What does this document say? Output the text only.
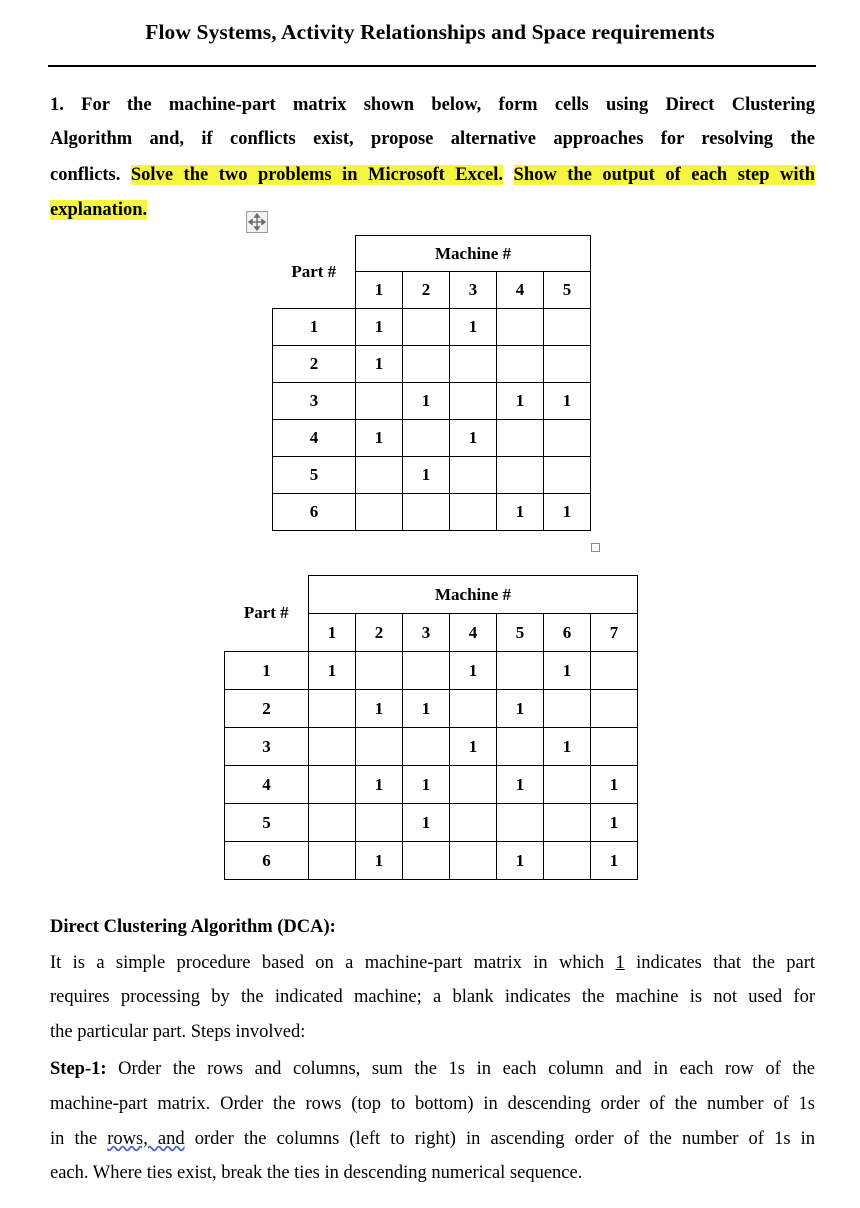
Flow Systems, Activity Relationships and Space requirements
1. For the machine-part matrix shown below, form cells using Direct Clustering
Algorithm and, if conflicts exist, propose alternative approaches for resolving the
conflicts. Solve the two problems in Microsoft Excel. Show the output of each step with
explanation.
Part #	Machine #				
	1	2	3	4	5
1	1		1		
2	1				
3		1		1	1
4	1		1		
5		1			
6				1	1
Part #	Machine #						
	1	2	3	4	5	6	7
1	1			1		1	
2		1	1		1		
3				1		1	
4		1	1		1		1
5			1				1
6		1			1		1
Direct Clustering Algorithm (DCA):
It is a simple procedure based on a machine-part matrix in which 1 indicates that the part
requires processing by the indicated machine; a blank indicates the machine is not used for
the particular part. Steps involved:
Step-1: Order the rows and columns, sum the 1s in each column and in each row of the
machine-part matrix. Order the rows (top to bottom) in descending order of the number of 1s
in the rows, and order the columns (left to right) in ascending order of the number of 1s in
each. Where ties exist, break the ties in descending numerical sequence.
